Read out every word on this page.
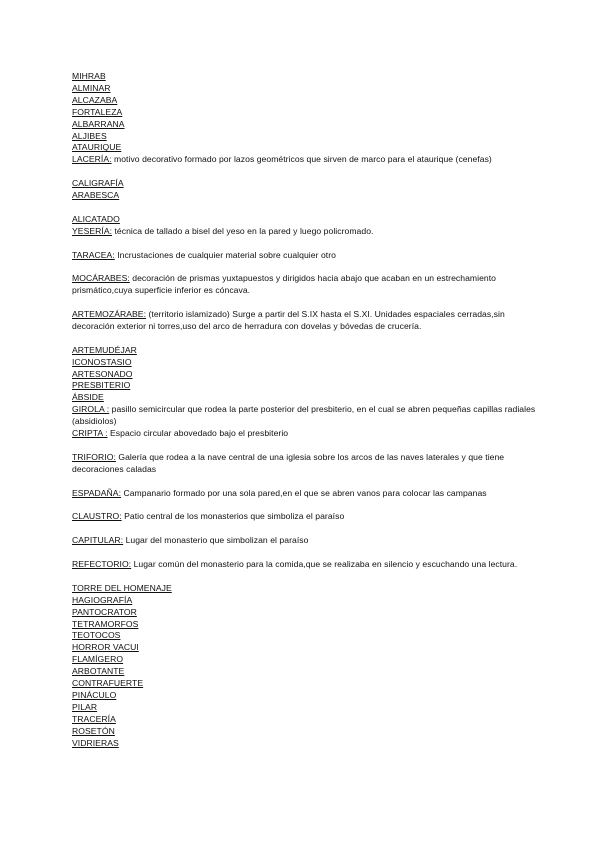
MIHRAB
ALMINAR
ALCAZABA
FORTALEZA
ALBARRANA
ALJIBES
ATAURIQUE
LACERÍA: motivo decorativo formado por lazos geométricos que sirven de marco para el ataurique (cenefas)
CALIGRAFÍA
ARABESCA
ALICATADO
YESERÍA: técnica de tallado a bisel del yeso en la pared y luego policromado.
TARACEA: Incrustaciones de cualquier material sobre cualquier otro
MOCÁRABES: decoración de prismas yuxtapuestos y dirigidos hacia abajo que acaban en un estrechamiento prismático,cuya superficie inferior es cóncava.
ARTEMOZÁRABE: (territorio islamizado) Surge a partir del S.IX hasta el S.XI. Unidades espaciales cerradas,sin decoración exterior ni torres,uso del arco de herradura con dovelas y bóvedas de crucería.
ARTEMUDÉJAR
ICONOSTASIO
ARTESONADO
PRESBITERIO
ÁBSIDE
GIROLA : pasillo semicircular que rodea la parte posterior del presbiterio, en el cual se abren pequeñas capillas radiales (absidiolos)
CRIPTA : Espacio circular abovedado bajo el presbiterio
TRIFORIO: Galería que rodea a la nave central de una iglesia sobre los arcos de las naves laterales y que tiene decoraciones caladas
ESPADAÑA: Campanario formado por una sola pared,en el que se abren vanos para colocar las campanas
CLAUSTRO: Patio central de los monasterios que simboliza el paraíso
CAPITULAR: Lugar del monasterio que simbolizan el paraíso
REFECTORIO: Lugar común del monasterio para la comida,que se realizaba en silencio y escuchando una lectura.
TORRE DEL HOMENAJE
HAGIOGRAFÍA
PANTOCRATOR
TETRAMORFOS
TEOTOCOS
HORROR VACUI
FLAMÍGERO
ARBOTANTE
CONTRAFUERTE
PINÁCULO
PILAR
TRACERÍA
ROSETÓN
VIDRIERAS
